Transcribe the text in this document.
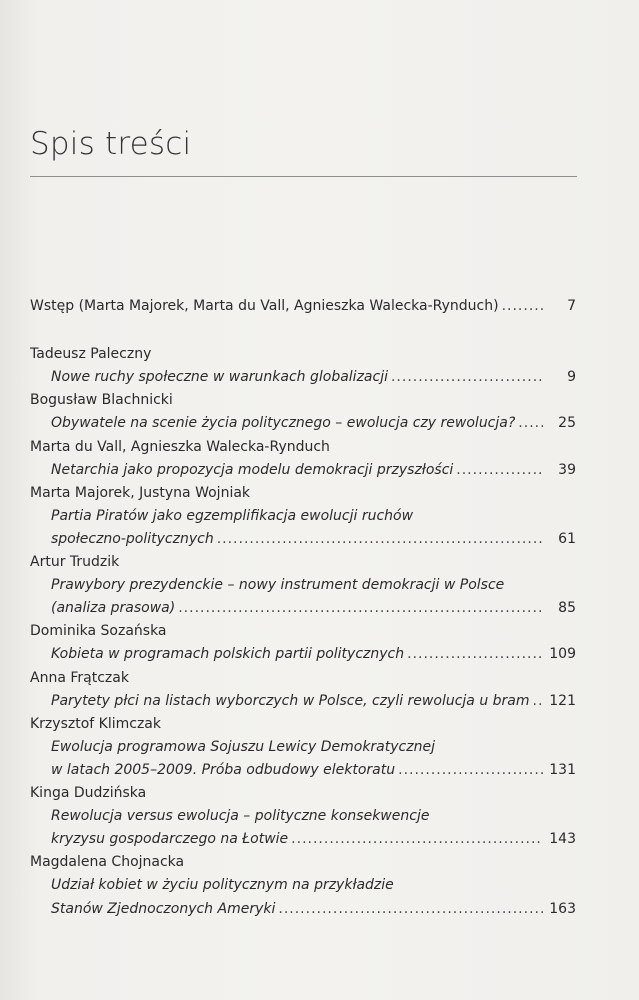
Spis treści
Wstęp (Marta Majorek, Marta du Vall, Agnieszka Walecka-Rynduch) .....	7
Tadeusz Paleczny
Nowe ruchy społeczne w warunkach globalizacji .....	9
Bogusław Blachnicki
Obywatele na scenie życia politycznego – ewolucja czy rewolucja? .....	25
Marta du Vall, Agnieszka Walecka-Rynduch
Netarchia jako propozycja modelu demokracji przyszłości .....	39
Marta Majorek, Justyna Wojniak
Partia Piratów jako egzemplifikacja ewolucji ruchów
społeczno-politycznych .....	61
Artur Trudzik
Prawybory prezydenckie – nowy instrument demokracji w Polsce
(analiza prasowa) .....	85
Dominika Sozańska
Kobieta w programach polskich partii politycznych .....	109
Anna Frątczak
Parytety płci na listach wyborczych w Polsce, czyli rewolucja u bram ..... 121
Krzysztof Klimczak
Ewolucja programowa Sojuszu Lewicy Demokratycznej
w latach 2005–2009. Próba odbudowy elektoratu .....	131
Kinga Dudzińska
Rewolucja versus ewolucja – polityczne konsekwencje
kryzysu gospodarczego na Łotwie .....	143
Magdalena Chojnacka
Udział kobiet w życiu politycznym na przykładzie
Stanów Zjednoczonych Ameryki .....	163
